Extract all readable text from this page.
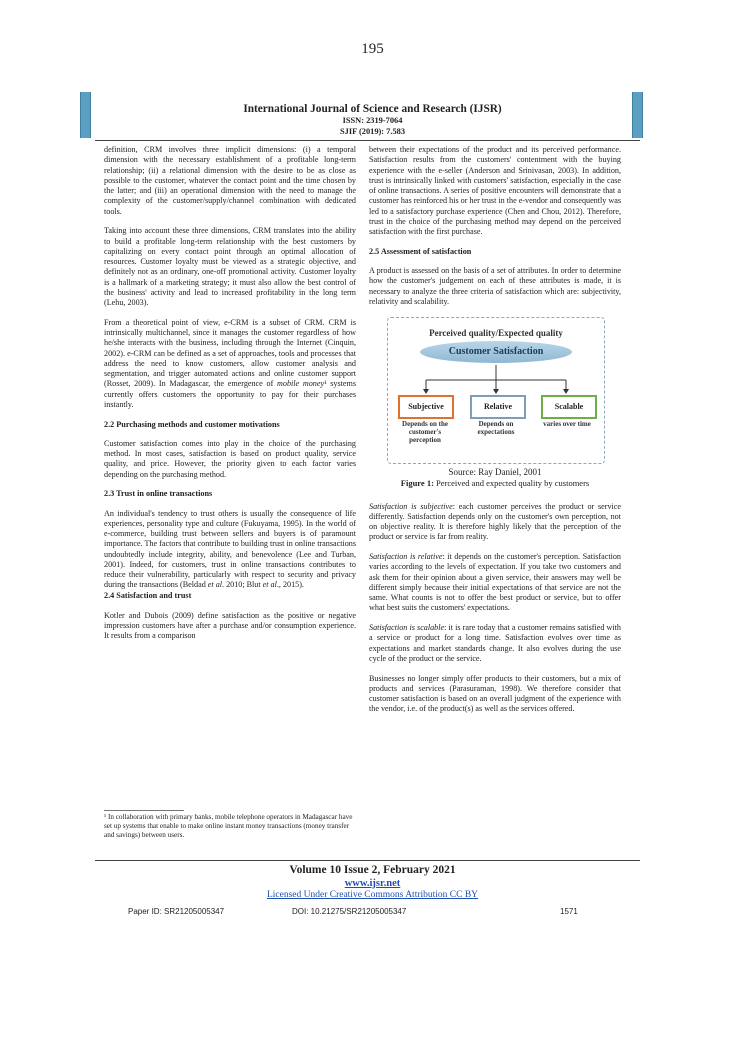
195
International Journal of Science and Research (IJSR)
ISSN: 2319-7064
SJIF (2019): 7.583

definition, CRM involves three implicit dimensions: (i) a temporal dimension with the necessary establishment of a profitable long-term relationship; (ii) a relational dimension with the desire to be as close as possible to the customer, whatever the contact point and the time chosen by the latter; and (iii) an operational dimension with the need to manage the complexity of the customer/supply/channel combination with dedicated tools.

Taking into account these three dimensions, CRM translates into the ability to build a profitable long-term relationship with the best customers by capitalizing on every contact point through an optimal allocation of resources. Customer loyalty must be viewed as a strategic objective, and definitely not as an ordinary, one-off promotional activity. Customer loyalty is a hallmark of a marketing strategy; it must also allow the best control of the business' activity and lead to increased profitability in the long term (Lehu, 2003).

From a theoretical point of view, e-CRM is a subset of CRM. CRM is intrinsically multichannel, since it manages the customer regardless of how he/she interacts with the business, including through the Internet (Cinquin, 2002). e-CRM can be defined as a set of approaches, tools and processes that address the need to know customers, allow customer analysis and segmentation, and trigger automated actions and online customer support (Rosset, 2009). In Madagascar, the emergence of mobile money¹ systems currently offers customers the opportunity to pay for their purchases instantly.

2.2 Purchasing methods and customer motivations

Customer satisfaction comes into play in the choice of the purchasing method. In most cases, satisfaction is based on product quality, service quality, and price. However, the priority given to each factor varies depending on the purchasing method.

2.3 Trust in online transactions

An individual's tendency to trust others is usually the consequence of life experiences, personality type and culture (Fukuyama, 1995). In the world of e-commerce, building trust between sellers and buyers is of paramount importance. The factors that contribute to building trust in online transactions undoubtedly include integrity, ability, and benevolence (Lee and Turban, 2001). Indeed, for customers, trust in online transactions contributes to reduce their vulnerability, particularly with respect to security and privacy during the transactions (Beldad et al. 2010; Blut et al., 2015).

2.4 Satisfaction and trust

Kotler and Dubois (2009) define satisfaction as the positive or negative impression customers have after a purchase and/or consumption experience. It results from a comparison

¹ In collaboration with primary banks, mobile telephone operators in Madagascar have set up systems that enable to make online instant money transactions (money transfer and savings) between users.

between their expectations of the product and its perceived performance. Satisfaction results from the customers' contentment with the buying experience with the e-seller (Anderson and Srinivasan, 2003). In addition, trust is intrinsically linked with customers' satisfaction, especially in the case of online transactions. A series of positive encounters will demonstrate that a customer has reinforced his or her trust in the e-vendor and consequently was led to a satisfactory purchase experience (Chen and Chou, 2012). Therefore, trust in the choice of the purchasing method may depend on the perceived satisfaction with the first purchase.

2.5 Assessment of satisfaction

A product is assessed on the basis of a set of attributes. In order to determine how the customer's judgement on each of these attributes is made, it is necessary to analyze the three criteria of satisfaction which are: subjectivity, relativity and scalability.

Perceived quality/Expected quality
Customer Satisfaction
Subjective	Relative	Scalable
Depends on the customer's perception
Depends on expectations
varies over time
Source: Ray Daniel, 2001
Figure 1: Perceived and expected quality by customers

Satisfaction is subjective: each customer perceives the product or service differently. Satisfaction depends only on the customer's own perception, not on objective reality. It is therefore highly likely that the perception of the product or service is far from reality.

Satisfaction is relative: it depends on the customer's perception. Satisfaction varies according to the levels of expectation. If you take two customers and ask them for their opinion about a given service, their answers may well be different simply because their initial expectations of that service are not the same. What counts is not to offer the best product or service, but to offer what best suits the customers' expectations.

Satisfaction is scalable: it is rare today that a customer remains satisfied with a service or product for a long time. Satisfaction evolves over time as expectations and market standards change. It also evolves during the use cycle of the product or the service.

Businesses no longer simply offer products to their customers, but a mix of products and services (Parasuraman, 1998). We therefore consider that customer satisfaction is based on an overall judgment of the experience with the vendor, i.e. of the product(s) as well as the services offered.

Volume 10 Issue 2, February 2021
www.ijsr.net
Licensed Under Creative Commons Attribution CC BY
Paper ID: SR21205005347	DOI: 10.21275/SR21205005347	1571
